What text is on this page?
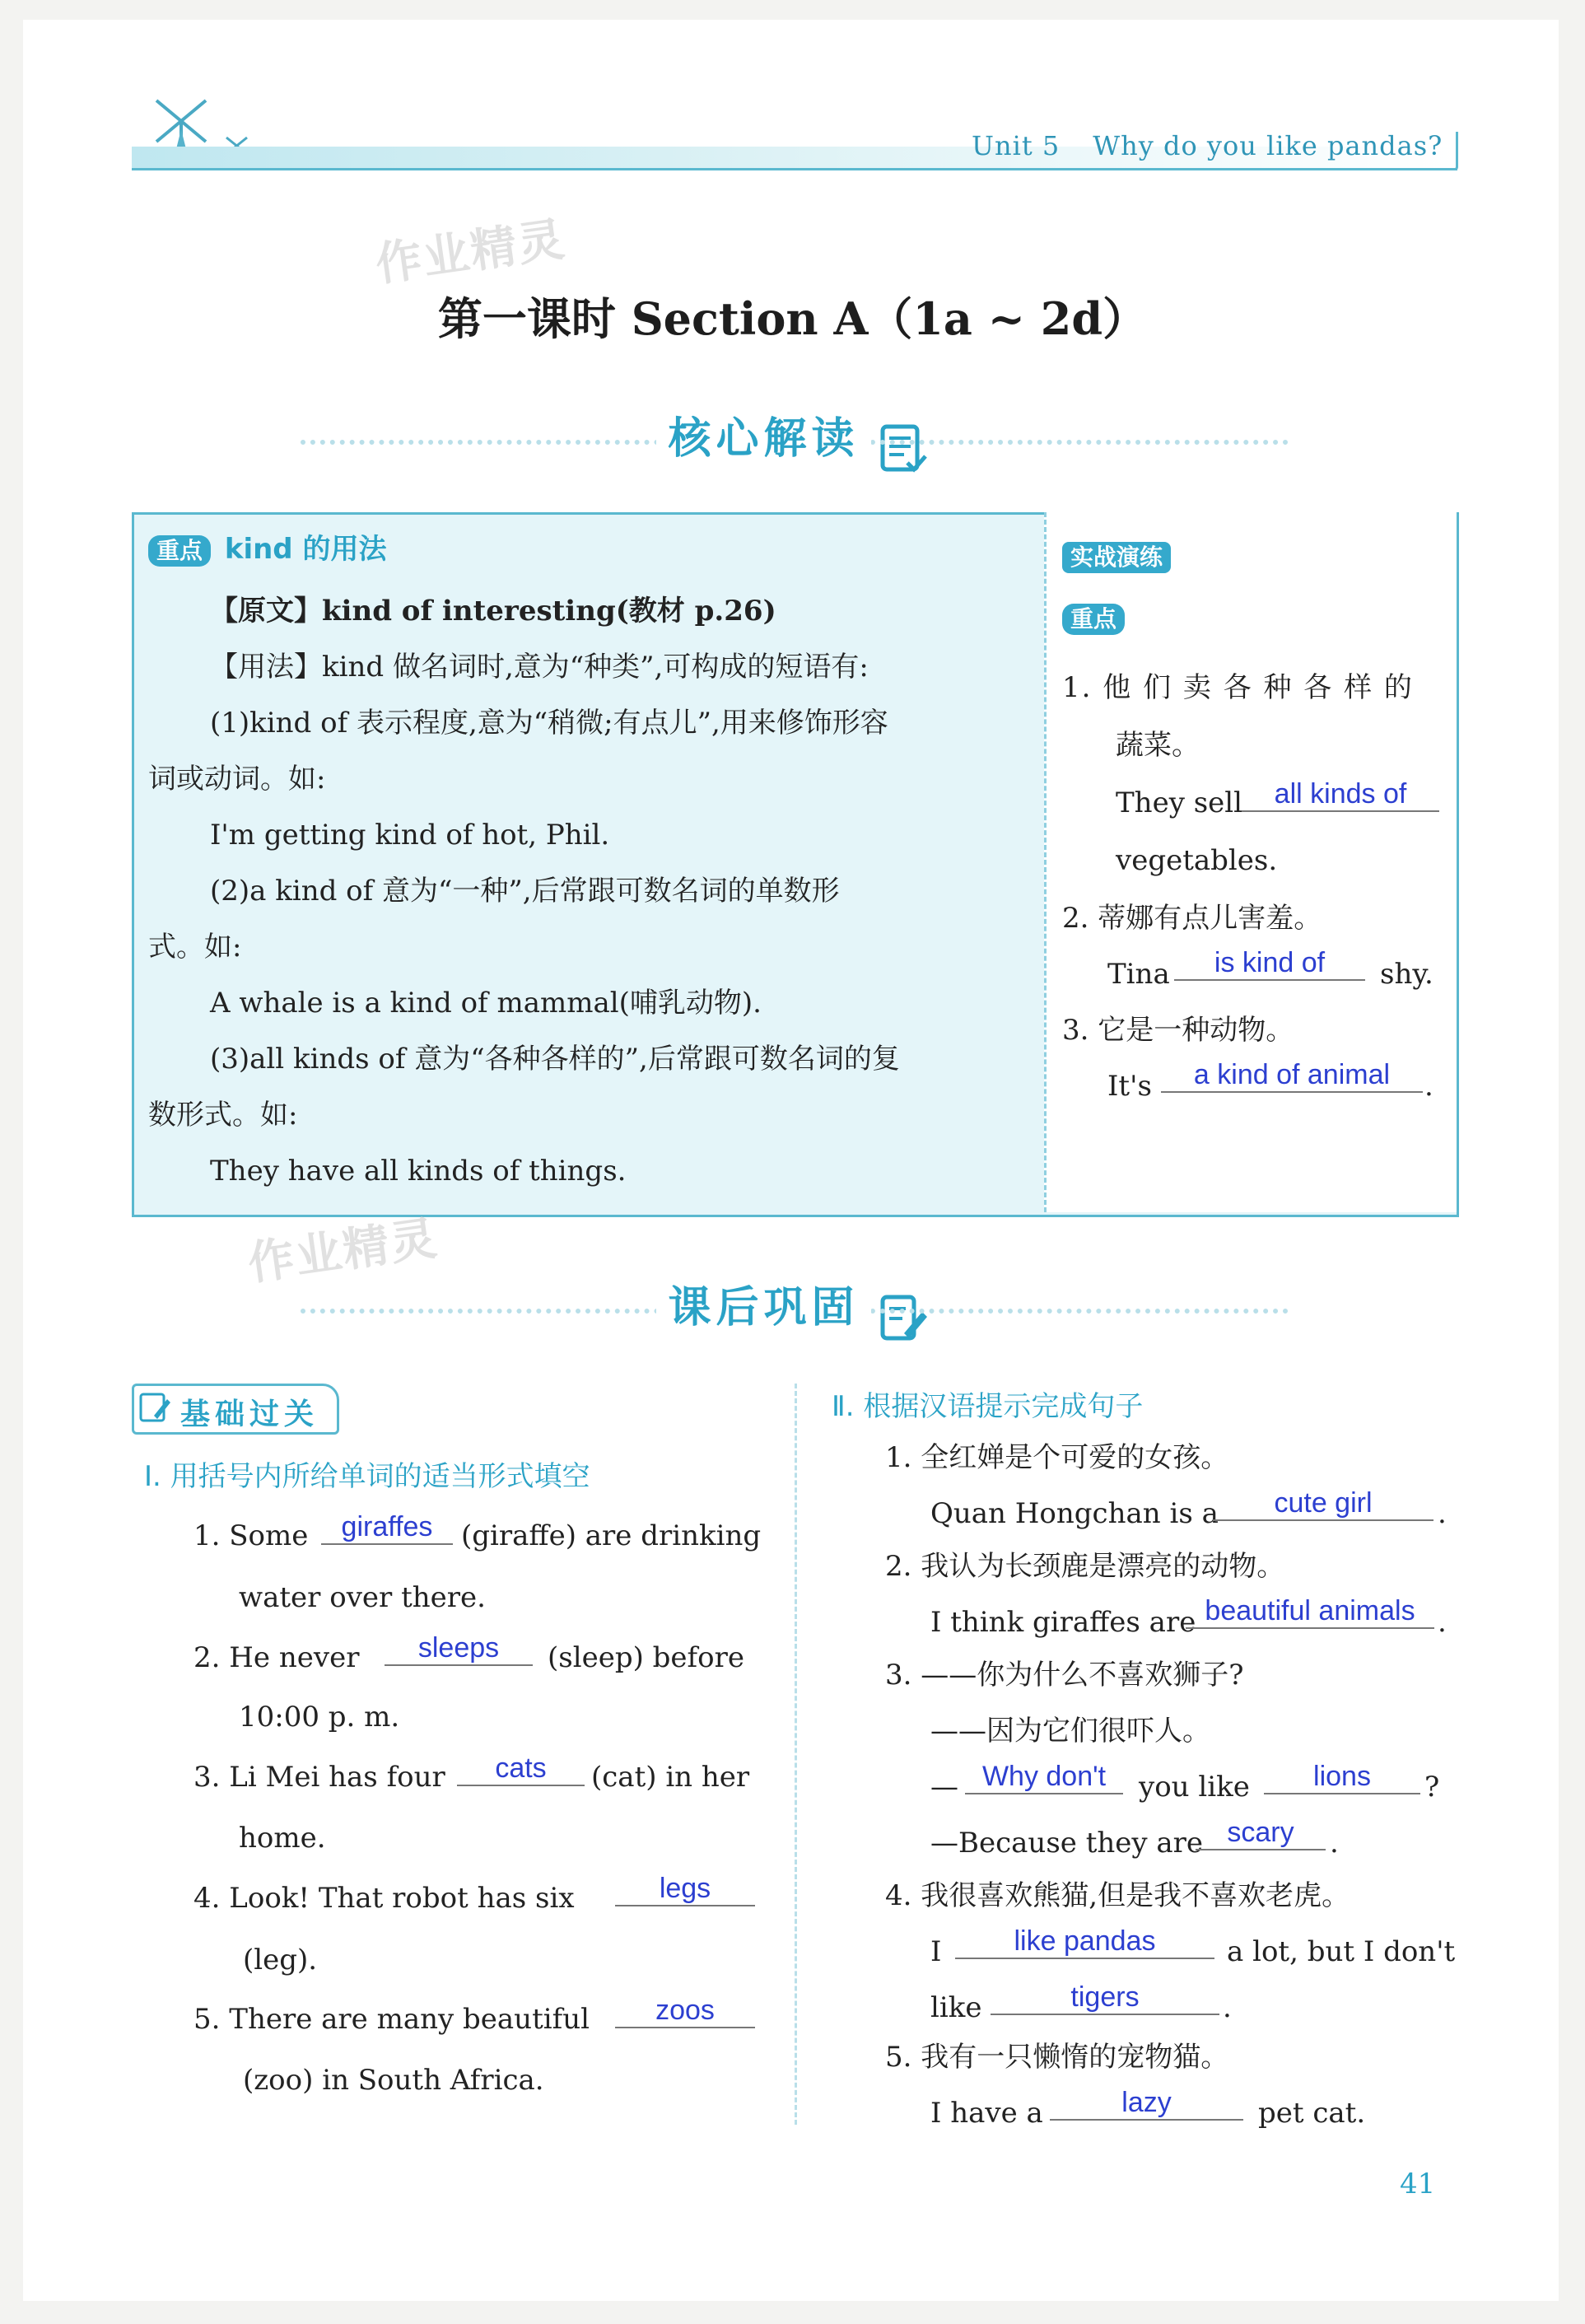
Unit 5 Why do you like pandas?
作业精灵
第一课时 Section A（1a ~ 2d）
核心解读
重点 kind 的用法
【原文】kind of interesting(教材 p.26)
【用法】kind 做名词时,意为“种类”,可构成的短语有:
(1)kind of 表示程度,意为“稍微;有点儿”,用来修饰形容
词或动词。如:
I'm getting kind of hot, Phil.
(2)a kind of 意为“一种”,后常跟可数名词的单数形
式。如:
A whale is a kind of mammal(哺乳动物).
(3)all kinds of 意为“各种各样的”,后常跟可数名词的复
数形式。如:
They have all kinds of things.
实战演练
重点
1. 他 们 卖 各 种 各 样 的
蔬菜。
They sell	all kinds of
vegetables.
2. 蒂娜有点儿害羞。
Tina	is kind of	shy.
3. 它是一种动物。
It's	a kind of animal	.
作业精灵
课后巩固
基础过关
Ⅰ. 用括号内所给单词的适当形式填空
1. Some	giraffes	(giraffe) are drinking
water over there.
2. He never	sleeps	(sleep) before
10:00 p. m.
3. Li Mei has four	cats	(cat) in her
home.
4. Look! That robot has six	legs
(leg).
5. There are many beautiful	zoos
(zoo) in South Africa.
Ⅱ. 根据汉语提示完成句子
1. 全红婵是个可爱的女孩。
Quan Hongchan is a	cute girl	.
2. 我认为长颈鹿是漂亮的动物。
I think giraffes are beautiful animals .
3. ——你为什么不喜欢狮子?
——因为它们很吓人。
— Why don't	you like	lions	?
—Because they are scary	.
4. 我很喜欢熊猫,但是我不喜欢老虎。
I	like pandas	a lot, but I don't
like	tigers	.
5. 我有一只懒惰的宠物猫。
I have a	lazy	pet cat.
41
